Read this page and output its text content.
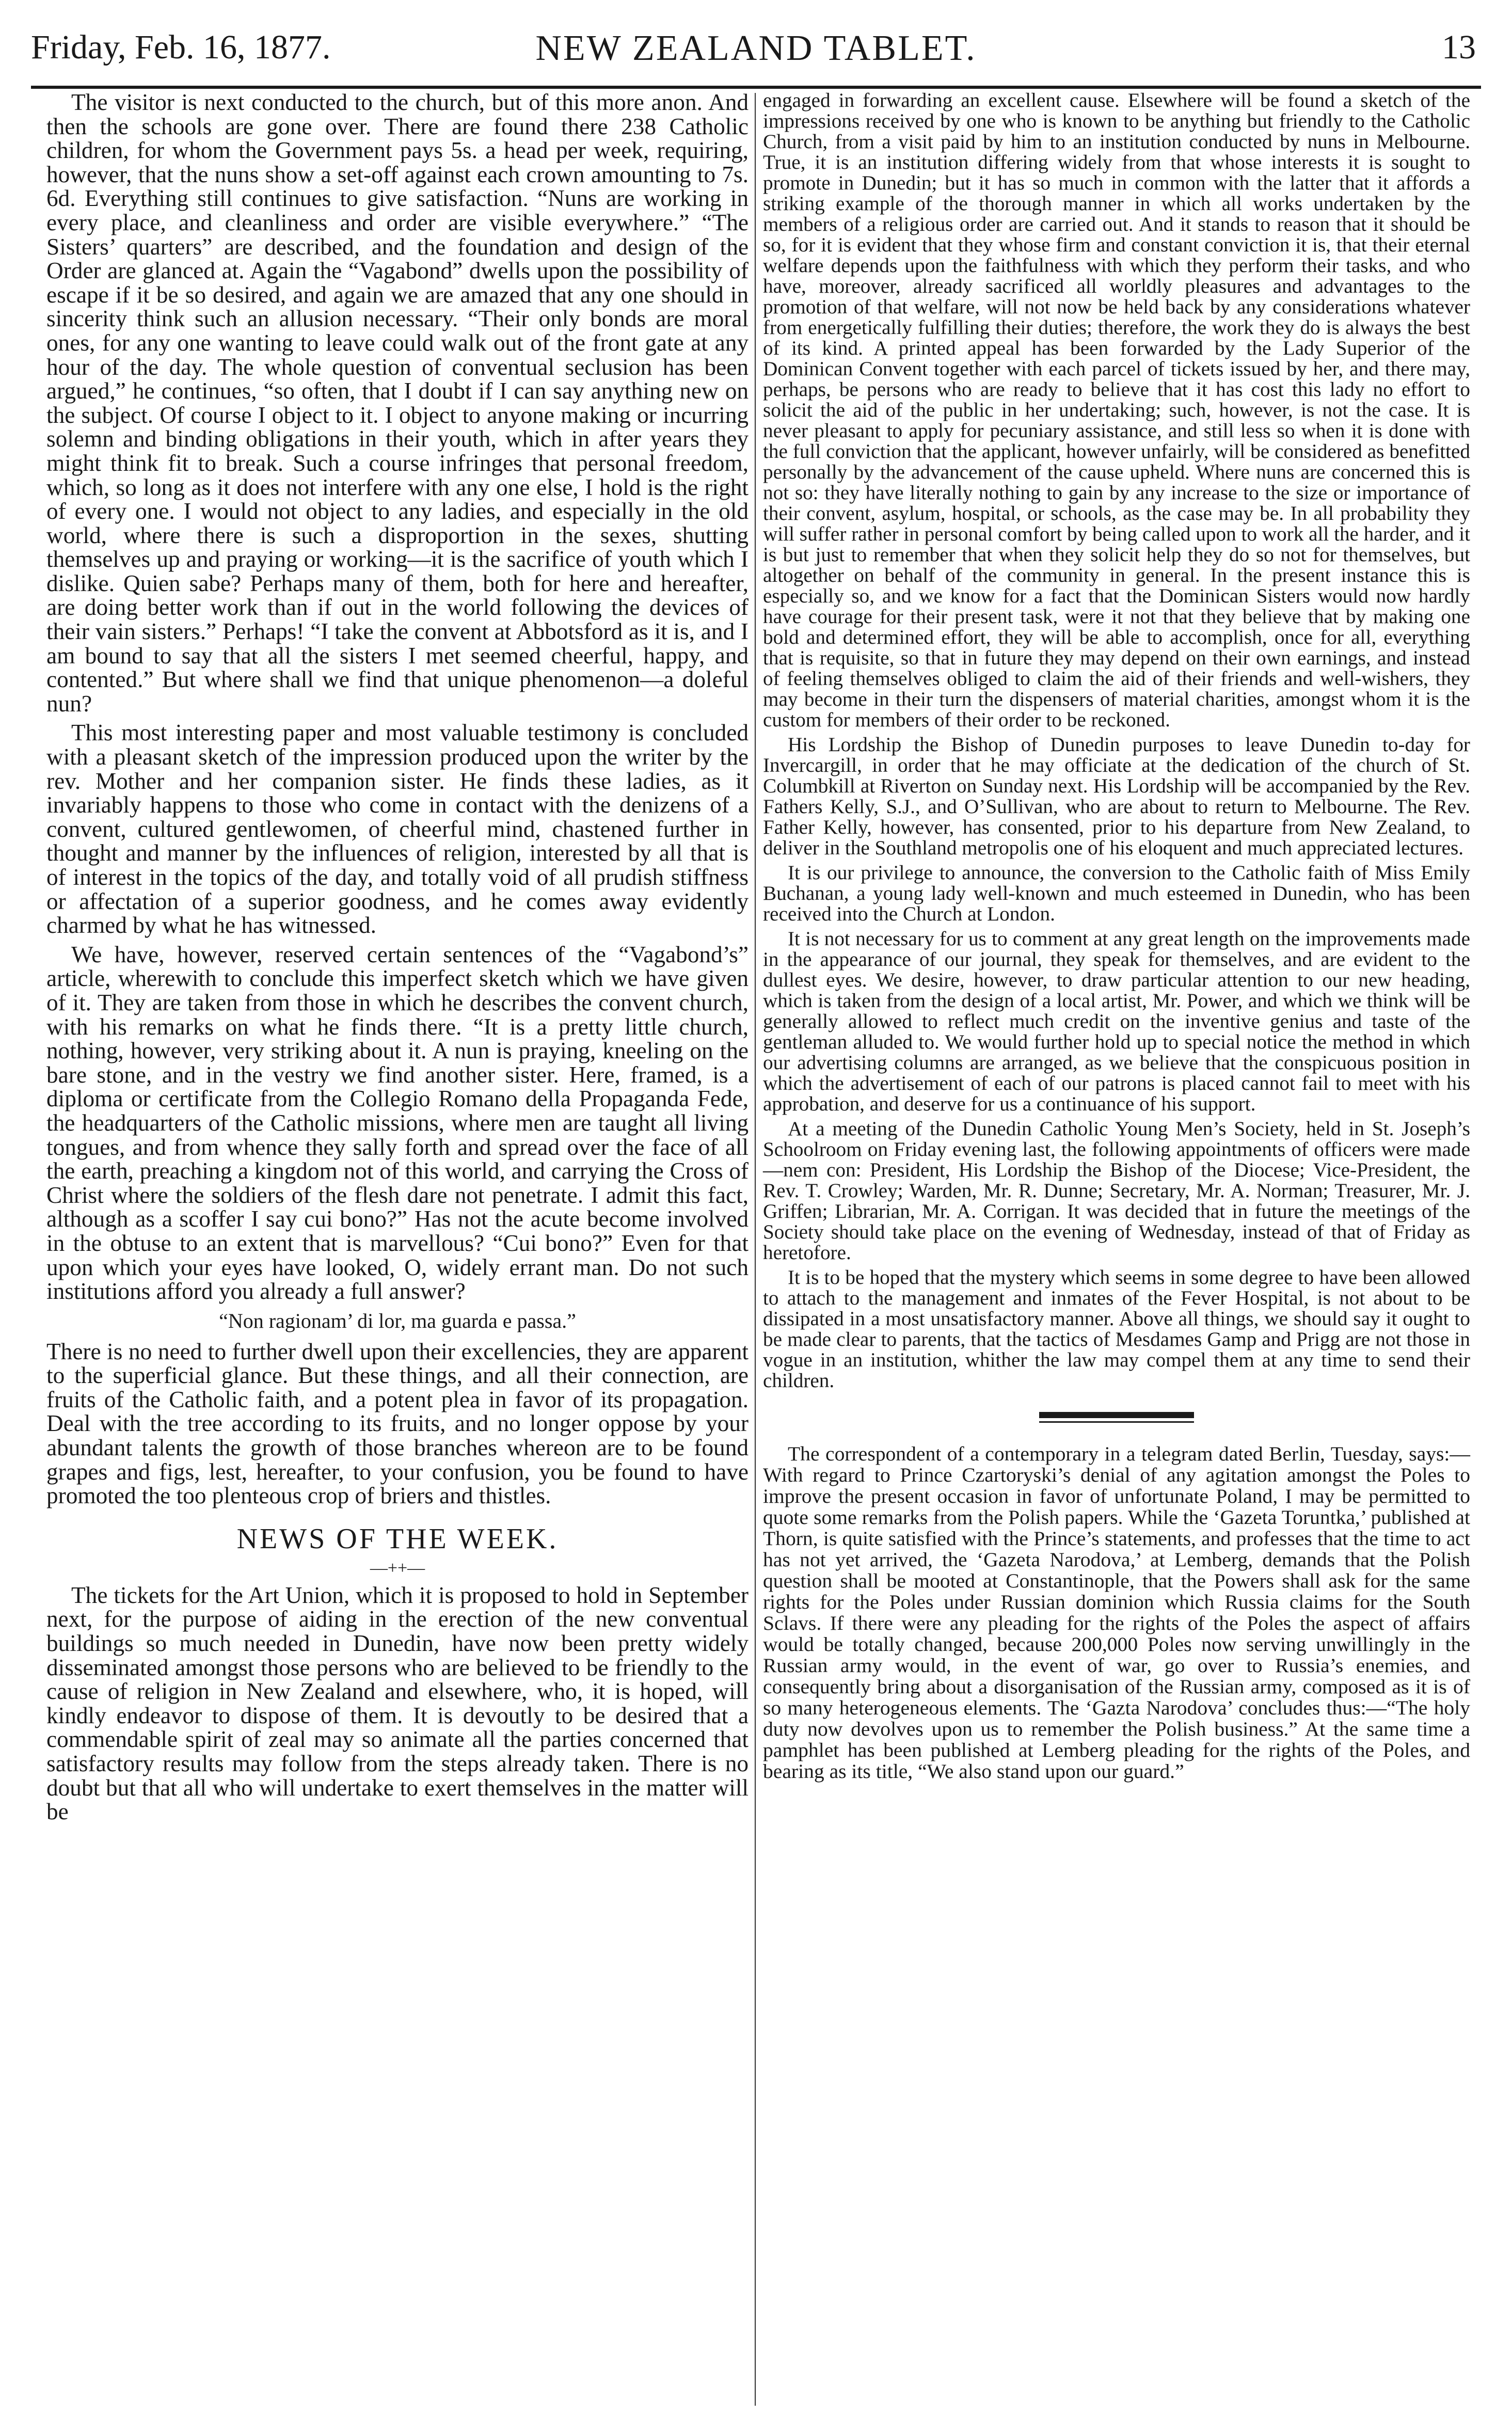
Friday, Feb. 16, 1877.	NEW ZEALAND TABLET.	13

The visitor is next conducted to the church, but of this more anon. And then the schools are gone over. There are found there 238 Catholic children, for whom the Government pays 5s. a head per week, requiring, however, that the nuns show a set-off against each crown amounting to 7s. 6d. Everything still continues to give satisfaction. “Nuns are working in every place, and cleanliness and order are visible everywhere.” “The Sisters’ quarters” are described, and the foundation and design of the Order are glanced at. Again the “Vagabond” dwells upon the possibility of escape if it be so desired, and again we are amazed that any one should in sincerity think such an allusion necessary. “Their only bonds are moral ones, for any one wanting to leave could walk out of the front gate at any hour of the day. The whole question of conventual seclusion has been argued,” he continues, “so often, that I doubt if I can say anything new on the subject. Of course I object to it. I object to anyone making or incurring solemn and binding obligations in their youth, which in after years they might think fit to break. Such a course infringes that personal freedom, which, so long as it does not interfere with any one else, I hold is the right of every one. I would not object to any ladies, and especially in the old world, where there is such a disproportion in the sexes, shutting themselves up and praying or working—it is the sacrifice of youth which I dislike. Quien sabe? Perhaps many of them, both for here and hereafter, are doing better work than if out in the world following the devices of their vain sisters.” Perhaps! “I take the convent at Abbotsford as it is, and I am bound to say that all the sisters I met seemed cheerful, happy, and contented.” But where shall we find that unique phenomenon—a doleful nun?

This most interesting paper and most valuable testimony is concluded with a pleasant sketch of the impression produced upon the writer by the rev. Mother and her companion sister. He finds these ladies, as it invariably happens to those who come in contact with the denizens of a convent, cultured gentlewomen, of cheerful mind, chastened further in thought and manner by the influences of religion, interested by all that is of interest in the topics of the day, and totally void of all prudish stiffness or affectation of a superior goodness, and he comes away evidently charmed by what he has witnessed.

We have, however, reserved certain sentences of the “Vagabond’s” article, wherewith to conclude this imperfect sketch which we have given of it. They are taken from those in which he describes the convent church, with his remarks on what he finds there. “It is a pretty little church, nothing, however, very striking about it. A nun is praying, kneeling on the bare stone, and in the vestry we find another sister. Here, framed, is a diploma or certificate from the Collegio Romano della Propaganda Fede, the headquarters of the Catholic missions, where men are taught all living tongues, and from whence they sally forth and spread over the face of all the earth, preaching a kingdom not of this world, and carrying the Cross of Christ where the soldiers of the flesh dare not penetrate. I admit this fact, although as a scoffer I say cui bono?” Has not the acute become involved in the obtuse to an extent that is marvellous? “Cui bono?” Even for that upon which your eyes have looked, O, widely errant man. Do not such institutions afford you already a full answer?

“Non ragionam’ di lor, ma guarda e passa.”

There is no need to further dwell upon their excellencies, they are apparent to the superficial glance. But these things, and all their connection, are fruits of the Catholic faith, and a potent plea in favor of its propagation. Deal with the tree according to its fruits, and no longer oppose by your abundant talents the growth of those branches whereon are to be found grapes and figs, lest, hereafter, to your confusion, you be found to have promoted the too plenteous crop of briers and thistles.

NEWS OF THE WEEK.
—++—

The tickets for the Art Union, which it is proposed to hold in September next, for the purpose of aiding in the erection of the new conventual buildings so much needed in Dunedin, have now been pretty widely disseminated amongst those persons who are believed to be friendly to the cause of religion in New Zealand and elsewhere, who, it is hoped, will kindly endeavor to dispose of them. It is devoutly to be desired that a commendable spirit of zeal may so animate all the parties concerned that satisfactory results may follow from the steps already taken. There is no doubt but that all who will undertake to exert themselves in the matter will be

engaged in forwarding an excellent cause. Elsewhere will be found a sketch of the impressions received by one who is known to be anything but friendly to the Catholic Church, from a visit paid by him to an institution conducted by nuns in Melbourne. True, it is an institution differing widely from that whose interests it is sought to promote in Dunedin; but it has so much in common with the latter that it affords a striking example of the thorough manner in which all works undertaken by the members of a religious order are carried out. And it stands to reason that it should be so, for it is evident that they whose firm and constant conviction it is, that their eternal welfare depends upon the faithfulness with which they perform their tasks, and who have, moreover, already sacrificed all worldly pleasures and advantages to the promotion of that welfare, will not now be held back by any considerations whatever from energetically fulfilling their duties; therefore, the work they do is always the best of its kind. A printed appeal has been forwarded by the Lady Superior of the Dominican Convent together with each parcel of tickets issued by her, and there may, perhaps, be persons who are ready to believe that it has cost this lady no effort to solicit the aid of the public in her undertaking; such, however, is not the case. It is never pleasant to apply for pecuniary assistance, and still less so when it is done with the full conviction that the applicant, however unfairly, will be considered as benefitted personally by the advancement of the cause upheld. Where nuns are concerned this is not so: they have literally nothing to gain by any increase to the size or importance of their convent, asylum, hospital, or schools, as the case may be. In all probability they will suffer rather in personal comfort by being called upon to work all the harder, and it is but just to remember that when they solicit help they do so not for themselves, but altogether on behalf of the community in general. In the present instance this is especially so, and we know for a fact that the Dominican Sisters would now hardly have courage for their present task, were it not that they believe that by making one bold and determined effort, they will be able to accomplish, once for all, everything that is requisite, so that in future they may depend on their own earnings, and instead of feeling themselves obliged to claim the aid of their friends and well-wishers, they may become in their turn the dispensers of material charities, amongst whom it is the custom for members of their order to be reckoned.

His Lordship the Bishop of Dunedin purposes to leave Dunedin to-day for Invercargill, in order that he may officiate at the dedication of the church of St. Columbkill at Riverton on Sunday next. His Lordship will be accompanied by the Rev. Fathers Kelly, S.J., and O’Sullivan, who are about to return to Melbourne. The Rev. Father Kelly, however, has consented, prior to his departure from New Zealand, to deliver in the Southland metropolis one of his eloquent and much appreciated lectures.

It is our privilege to announce, the conversion to the Catholic faith of Miss Emily Buchanan, a young lady well-known and much esteemed in Dunedin, who has been received into the Church at London.

It is not necessary for us to comment at any great length on the improvements made in the appearance of our journal, they speak for themselves, and are evident to the dullest eyes. We desire, however, to draw particular attention to our new heading, which is taken from the design of a local artist, Mr. Power, and which we think will be generally allowed to reflect much credit on the inventive genius and taste of the gentleman alluded to. We would further hold up to special notice the method in which our advertising columns are arranged, as we believe that the conspicuous position in which the advertisement of each of our patrons is placed cannot fail to meet with his approbation, and deserve for us a continuance of his support.

At a meeting of the Dunedin Catholic Young Men’s Society, held in St. Joseph’s Schoolroom on Friday evening last, the following appointments of officers were made—nem con: President, His Lordship the Bishop of the Diocese; Vice-President, the Rev. T. Crowley; Warden, Mr. R. Dunne; Secretary, Mr. A. Norman; Treasurer, Mr. J. Griffen; Librarian, Mr. A. Corrigan. It was decided that in future the meetings of the Society should take place on the evening of Wednesday, instead of that of Friday as heretofore.

It is to be hoped that the mystery which seems in some degree to have been allowed to attach to the management and inmates of the Fever Hospital, is not about to be dissipated in a most unsatisfactory manner. Above all things, we should say it ought to be made clear to parents, that the tactics of Mesdames Gamp and Prigg are not those in vogue in an institution, whither the law may compel them at any time to send their children.

The correspondent of a contemporary in a telegram dated Berlin, Tuesday, says:—With regard to Prince Czartoryski’s denial of any agitation amongst the Poles to improve the present occasion in favor of unfortunate Poland, I may be permitted to quote some remarks from the Polish papers. While the ‘Gazeta Toruntka,’ published at Thorn, is quite satisfied with the Prince’s statements, and professes that the time to act has not yet arrived, the ‘Gazeta Narodova,’ at Lemberg, demands that the Polish question shall be mooted at Constantinople, that the Powers shall ask for the same rights for the Poles under Russian dominion which Russia claims for the South Sclavs. If there were any pleading for the rights of the Poles the aspect of affairs would be totally changed, because 200,000 Poles now serving unwillingly in the Russian army would, in the event of war, go over to Russia’s enemies, and consequently bring about a disorganisation of the Russian army, composed as it is of so many heterogeneous elements. The ‘Gazta Narodova’ concludes thus:—“The holy duty now devolves upon us to remember the Polish business.” At the same time a pamphlet has been published at Lemberg pleading for the rights of the Poles, and bearing as its title, “We also stand upon our guard.”
